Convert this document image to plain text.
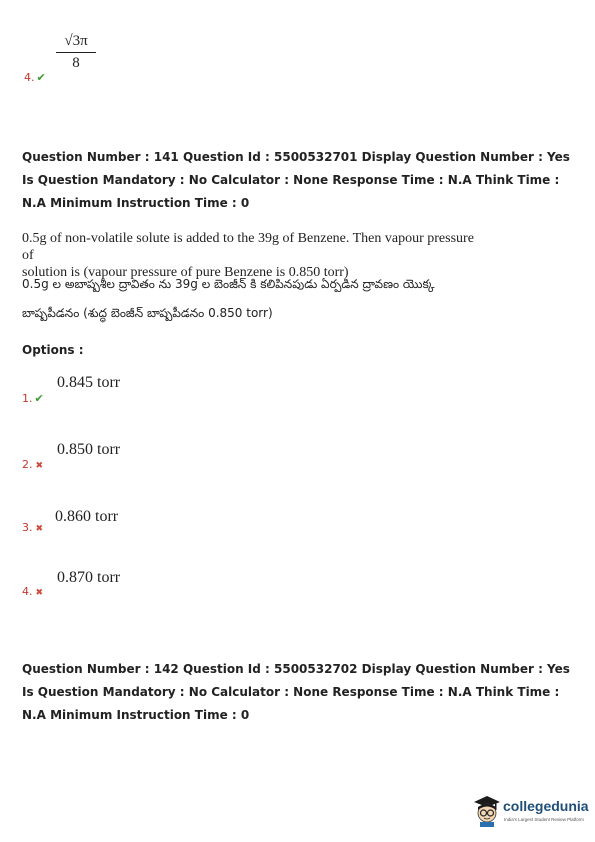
4. ✔
√3π
8
Question Number : 141 Question Id : 5500532701 Display Question Number : Yes Is Question Mandatory : No Calculator : None Response Time : N.A Think Time : N.A Minimum Instruction Time : 0
0.5g of non-volatile solute is added to the 39g of Benzene. Then vapour pressure of
solution is (vapour pressure of pure Benzene is 0.850 torr)
0.5g ల అబాష్పశీల ద్రావితం ను 39g ల బెంజీన్ కి కలిపినపుడు ఏర్పడిన ద్రావణం యొక్క
బాష్పపీడనం (శుద్ధ బెంజీన్ బాష్పపీడనం 0.850 torr)
Options :
1. ✔
0.845 torr
2. ✖
0.850 torr
3. ✖
0.860 torr
4. ✖
0.870 torr
Question Number : 142 Question Id : 5500532702 Display Question Number : Yes Is Question Mandatory : No Calculator : None Response Time : N.A Think Time : N.A Minimum Instruction Time : 0
collegedunia
India's Largest Student Review Platform
